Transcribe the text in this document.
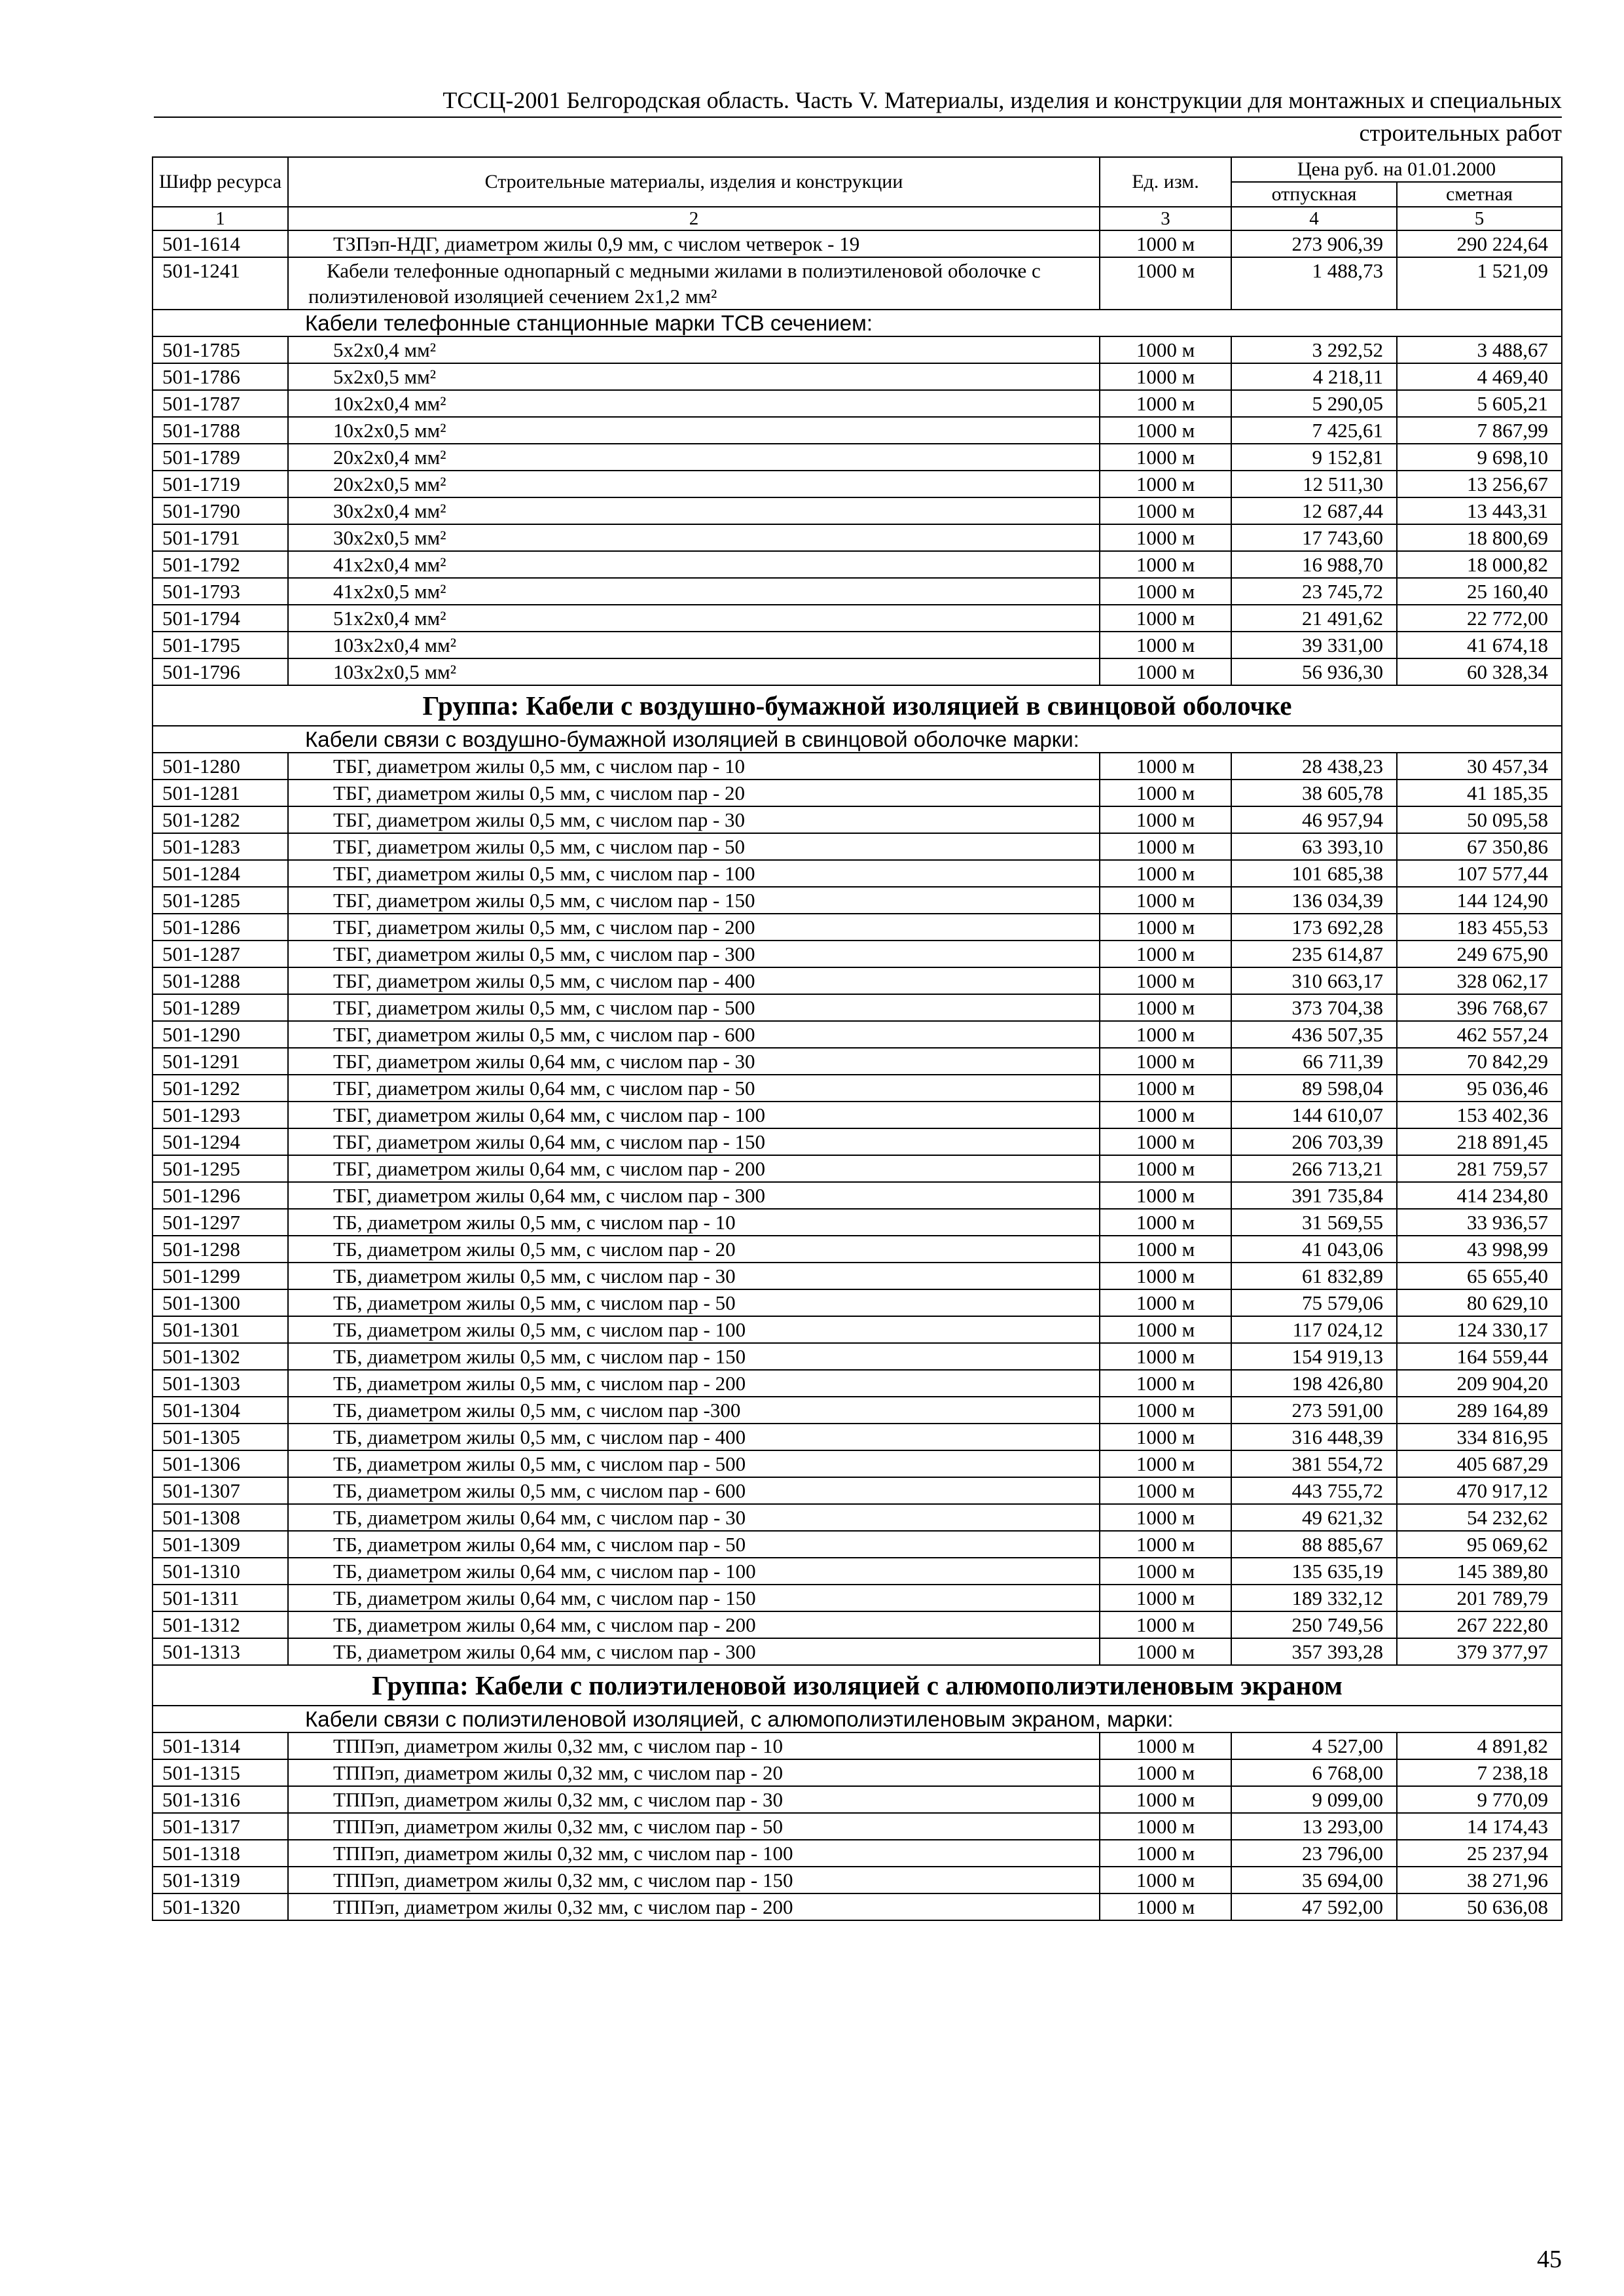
ТССЦ-2001 Белгородская область. Часть V. Материалы, изделия и конструкции для монтажных и специальных
строительных работ
Шифр ресурса	Строительные материалы, изделия и конструкции	Ед. изм.	Цена руб. на 01.01.2000	
			отпускная	сметная
1	2	3	4	5
501-1614	ТЗПэп-НДГ, диаметром жилы 0,9 мм, с числом четверок - 19	1000 м	273 906,39	290 224,64
501-1241	Кабели телефонные однопарный с медными жилами в полиэтиленовой оболочке с полиэтиленовой изоляцией сечением 2x1,2 мм²	1000 м	1 488,73	1 521,09
Кабели телефонные станционные марки ТСВ сечением:				
501-1785	5x2x0,4 мм²	1000 м	3 292,52	3 488,67
501-1786	5x2x0,5 мм²	1000 м	4 218,11	4 469,40
501-1787	10x2x0,4 мм²	1000 м	5 290,05	5 605,21
501-1788	10x2x0,5 мм²	1000 м	7 425,61	7 867,99
501-1789	20x2x0,4 мм²	1000 м	9 152,81	9 698,10
501-1719	20x2x0,5 мм²	1000 м	12 511,30	13 256,67
501-1790	30x2x0,4 мм²	1000 м	12 687,44	13 443,31
501-1791	30x2x0,5 мм²	1000 м	17 743,60	18 800,69
501-1792	41x2x0,4 мм²	1000 м	16 988,70	18 000,82
501-1793	41x2x0,5 мм²	1000 м	23 745,72	25 160,40
501-1794	51x2x0,4 мм²	1000 м	21 491,62	22 772,00
501-1795	103x2x0,4 мм²	1000 м	39 331,00	41 674,18
501-1796	103x2x0,5 мм²	1000 м	56 936,30	60 328,34
Группа: Кабели с воздушно-бумажной изоляцией в свинцовой оболочке				
Кабели связи с воздушно-бумажной изоляцией в свинцовой оболочке марки:				
501-1280	ТБГ, диаметром жилы 0,5 мм, с числом пар - 10	1000 м	28 438,23	30 457,34
501-1281	ТБГ, диаметром жилы 0,5 мм, с числом пар - 20	1000 м	38 605,78	41 185,35
501-1282	ТБГ, диаметром жилы 0,5 мм, с числом пар - 30	1000 м	46 957,94	50 095,58
501-1283	ТБГ, диаметром жилы 0,5 мм, с числом пар - 50	1000 м	63 393,10	67 350,86
501-1284	ТБГ, диаметром жилы 0,5 мм, с числом пар - 100	1000 м	101 685,38	107 577,44
501-1285	ТБГ, диаметром жилы 0,5 мм, с числом пар - 150	1000 м	136 034,39	144 124,90
501-1286	ТБГ, диаметром жилы 0,5 мм, с числом пар - 200	1000 м	173 692,28	183 455,53
501-1287	ТБГ, диаметром жилы 0,5 мм, с числом пар - 300	1000 м	235 614,87	249 675,90
501-1288	ТБГ, диаметром жилы 0,5 мм, с числом пар - 400	1000 м	310 663,17	328 062,17
501-1289	ТБГ, диаметром жилы 0,5 мм, с числом пар - 500	1000 м	373 704,38	396 768,67
501-1290	ТБГ, диаметром жилы 0,5 мм, с числом пар - 600	1000 м	436 507,35	462 557,24
501-1291	ТБГ, диаметром жилы 0,64 мм, с числом пар - 30	1000 м	66 711,39	70 842,29
501-1292	ТБГ, диаметром жилы 0,64 мм, с числом пар - 50	1000 м	89 598,04	95 036,46
501-1293	ТБГ, диаметром жилы 0,64 мм, с числом пар - 100	1000 м	144 610,07	153 402,36
501-1294	ТБГ, диаметром жилы 0,64 мм, с числом пар - 150	1000 м	206 703,39	218 891,45
501-1295	ТБГ, диаметром жилы 0,64 мм, с числом пар - 200	1000 м	266 713,21	281 759,57
501-1296	ТБГ, диаметром жилы 0,64 мм, с числом пар - 300	1000 м	391 735,84	414 234,80
501-1297	ТБ, диаметром жилы 0,5 мм, с числом пар - 10	1000 м	31 569,55	33 936,57
501-1298	ТБ, диаметром жилы 0,5 мм, с числом пар - 20	1000 м	41 043,06	43 998,99
501-1299	ТБ, диаметром жилы 0,5 мм, с числом пар - 30	1000 м	61 832,89	65 655,40
501-1300	ТБ, диаметром жилы 0,5 мм, с числом пар - 50	1000 м	75 579,06	80 629,10
501-1301	ТБ, диаметром жилы 0,5 мм, с числом пар - 100	1000 м	117 024,12	124 330,17
501-1302	ТБ, диаметром жилы 0,5 мм, с числом пар - 150	1000 м	154 919,13	164 559,44
501-1303	ТБ, диаметром жилы 0,5 мм, с числом пар - 200	1000 м	198 426,80	209 904,20
501-1304	ТБ, диаметром жилы 0,5 мм, с числом пар -300	1000 м	273 591,00	289 164,89
501-1305	ТБ, диаметром жилы 0,5 мм, с числом пар - 400	1000 м	316 448,39	334 816,95
501-1306	ТБ, диаметром жилы 0,5 мм, с числом пар - 500	1000 м	381 554,72	405 687,29
501-1307	ТБ, диаметром жилы 0,5 мм, с числом пар - 600	1000 м	443 755,72	470 917,12
501-1308	ТБ, диаметром жилы 0,64 мм, с числом пар - 30	1000 м	49 621,32	54 232,62
501-1309	ТБ, диаметром жилы 0,64 мм, с числом пар - 50	1000 м	88 885,67	95 069,62
501-1310	ТБ, диаметром жилы 0,64 мм, с числом пар - 100	1000 м	135 635,19	145 389,80
501-1311	ТБ, диаметром жилы 0,64 мм, с числом пар - 150	1000 м	189 332,12	201 789,79
501-1312	ТБ, диаметром жилы 0,64 мм, с числом пар - 200	1000 м	250 749,56	267 222,80
501-1313	ТБ, диаметром жилы 0,64 мм, с числом пар - 300	1000 м	357 393,28	379 377,97
Группа: Кабели с полиэтиленовой изоляцией с алюмополиэтиленовым экраном				
Кабели связи с полиэтиленовой изоляцией, с алюмополиэтиленовым экраном, марки:				
501-1314	ТППэп, диаметром жилы 0,32 мм, с числом пар - 10	1000 м	4 527,00	4 891,82
501-1315	ТППэп, диаметром жилы 0,32 мм, с числом пар - 20	1000 м	6 768,00	7 238,18
501-1316	ТППэп, диаметром жилы 0,32 мм, с числом пар - 30	1000 м	9 099,00	9 770,09
501-1317	ТППэп, диаметром жилы 0,32 мм, с числом пар - 50	1000 м	13 293,00	14 174,43
501-1318	ТППэп, диаметром жилы 0,32 мм, с числом пар - 100	1000 м	23 796,00	25 237,94
501-1319	ТППэп, диаметром жилы 0,32 мм, с числом пар - 150	1000 м	35 694,00	38 271,96
501-1320	ТППэп, диаметром жилы 0,32 мм, с числом пар - 200	1000 м	47 592,00	50 636,08
45
